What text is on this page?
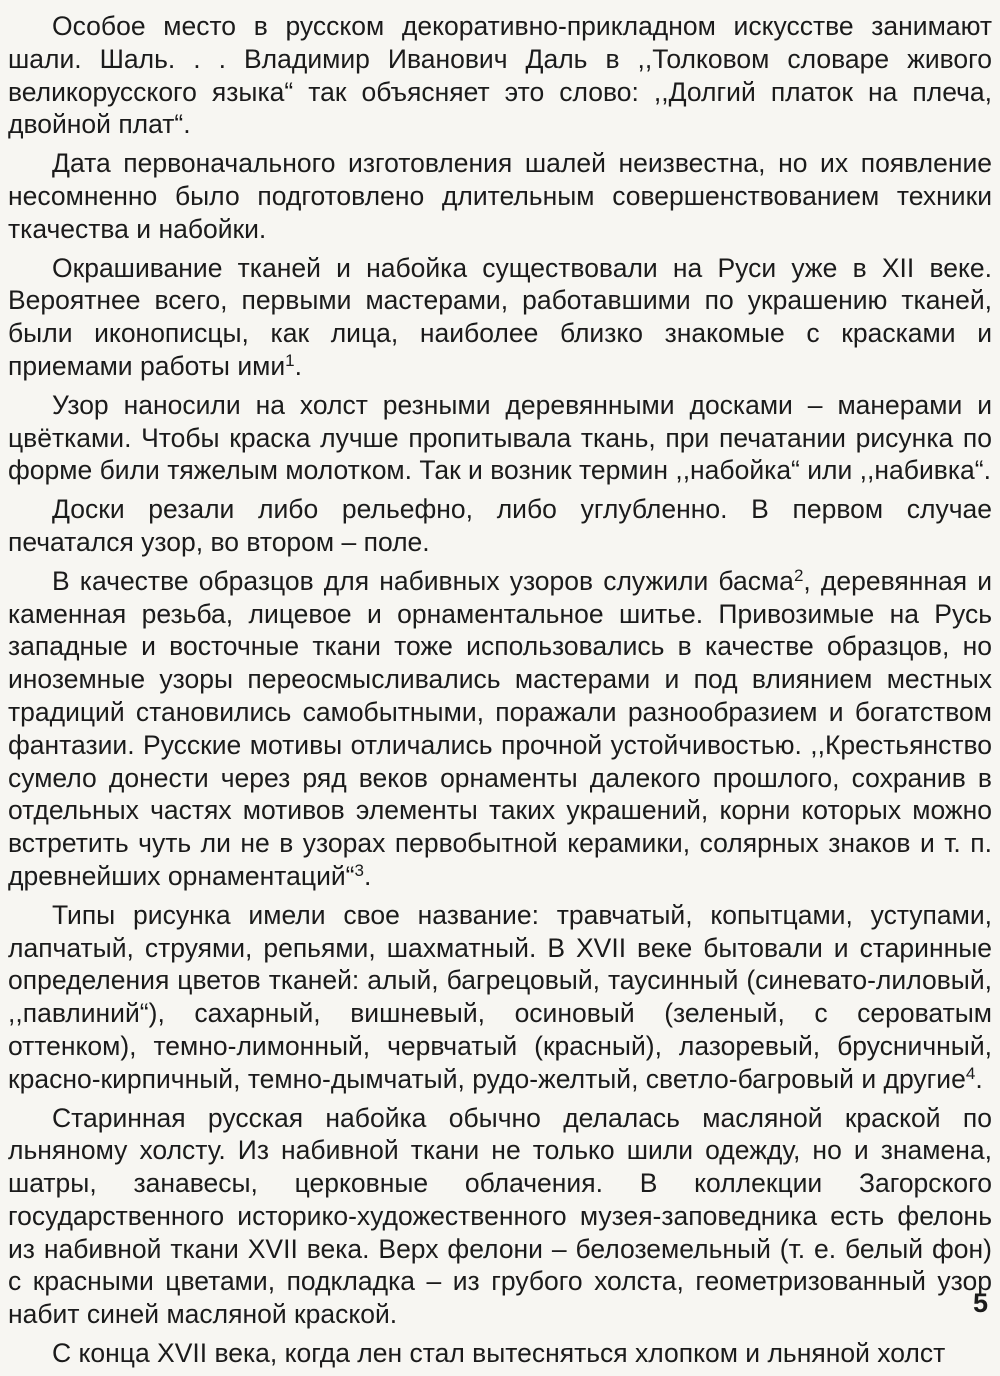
Особое место в русском декоративно-прикладном искусстве занимают шали. Шаль. . . Владимир Иванович Даль в ,,Толковом словаре живого великорусского языка“ так объясняет это слово: ,,Долгий платок на плеча, двойной плат“.

Дата первоначального изготовления шалей неизвестна, но их появление несомненно было подготовлено длительным совершенствованием техники ткачества и набойки.

Окрашивание тканей и набойка существовали на Руси уже в XII веке. Вероятнее всего, первыми мастерами, работавшими по украшению тканей, были иконописцы, как лица, наиболее близко знакомые с красками и приемами работы ими$^1$.

Узор наносили на холст резными деревянными досками – манерами и цвётками. Чтобы краска лучше пропитывала ткань, при печатании рисунка по форме били тяжелым молотком. Так и возник термин ,,набойка“ или ,,набивка“.

Доски резали либо рельефно, либо углубленно. В первом случае печатался узор, во втором – поле.

В качестве образцов для набивных узоров служили басма$^2$, деревянная и каменная резьба, лицевое и орнаментальное шитье. Привозимые на Русь западные и восточные ткани тоже использовались в качестве образцов, но иноземные узоры переосмысливались мастерами и под влиянием местных традиций становились самобытными, поражали разнообразием и богатством фантазии. Русские мотивы отличались прочной устойчивостью. ,,Крестьянство сумело донести через ряд веков орнаменты далекого прошлого, сохранив в отдельных частях мотивов элементы таких украшений, корни которых можно встретить чуть ли не в узорах первобытной керамики, солярных знаков и т. п. древнейших орнаментаций“$^3$.

Типы рисунка имели свое название: травчатый, копытцами, уступами, лапчатый, струями, репьями, шахматный. В XVII веке бытовали и старинные определения цветов тканей: алый, багрецовый, таусинный (синевато-лиловый, ,,павлиний“), сахарный, вишневый, осиновый (зеленый, с сероватым оттенком), темно-лимонный, червчатый (красный), лазоревый, брусничный, красно-кирпичный, темно-дымчатый, рудо-желтый, светло-багровый и другие$^4$.

Старинная русская набойка обычно делалась масляной краской по льняному холсту. Из набивной ткани не только шили одежду, но и знамена, шатры, занавесы, церковные облачения. В коллекции Загорского государственного историко-художественного музея-заповедника есть фелонь из набивной ткани XVII века. Верх фелони – белоземельный (т. е. белый фон) с красными цветами, подкладка – из грубого холста, геометризованный узор набит синей масляной краской.

С конца XVII века, когда лен стал вытесняться хлопком и льняной холст

5
